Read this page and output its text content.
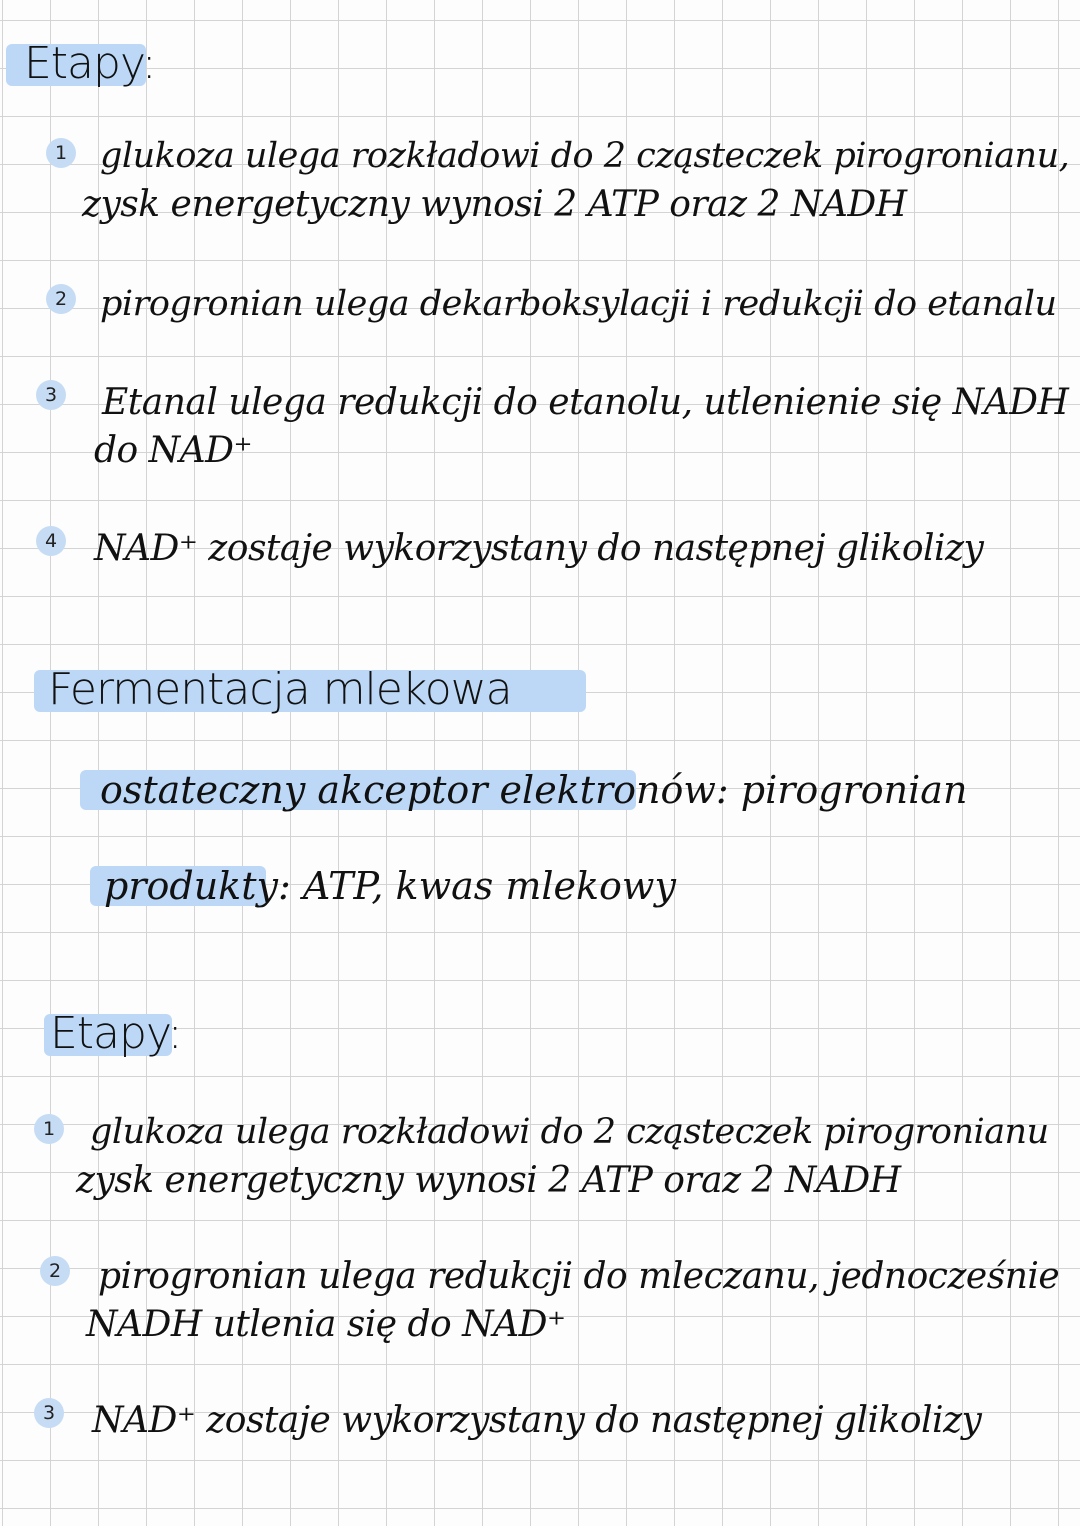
Etapy:
1 glukoza ulega rozkładowi do 2 cząsteczek pirogronianu,
zysk energetyczny wynosi 2 ATP oraz 2 NADH
2 pirogronian ulega dekarboksylacji i redukcji do etanalu
3 Etanal ulega redukcji do etanolu, utlenienie się NADH
do NAD⁺
4 NAD⁺ zostaje wykorzystany do następnej glikolizy
Fermentacja mlekowa
ostateczny akceptor elektronów: pirogronian
produkty: ATP, kwas mlekowy
Etapy:
1 glukoza ulega rozkładowi do 2 cząsteczek pirogronianu
zysk energetyczny wynosi 2 ATP oraz 2 NADH
2 pirogronian ulega redukcji do mleczanu, jednocześnie
NADH utlenia się do NAD⁺
3 NAD⁺ zostaje wykorzystany do następnej glikolizy
